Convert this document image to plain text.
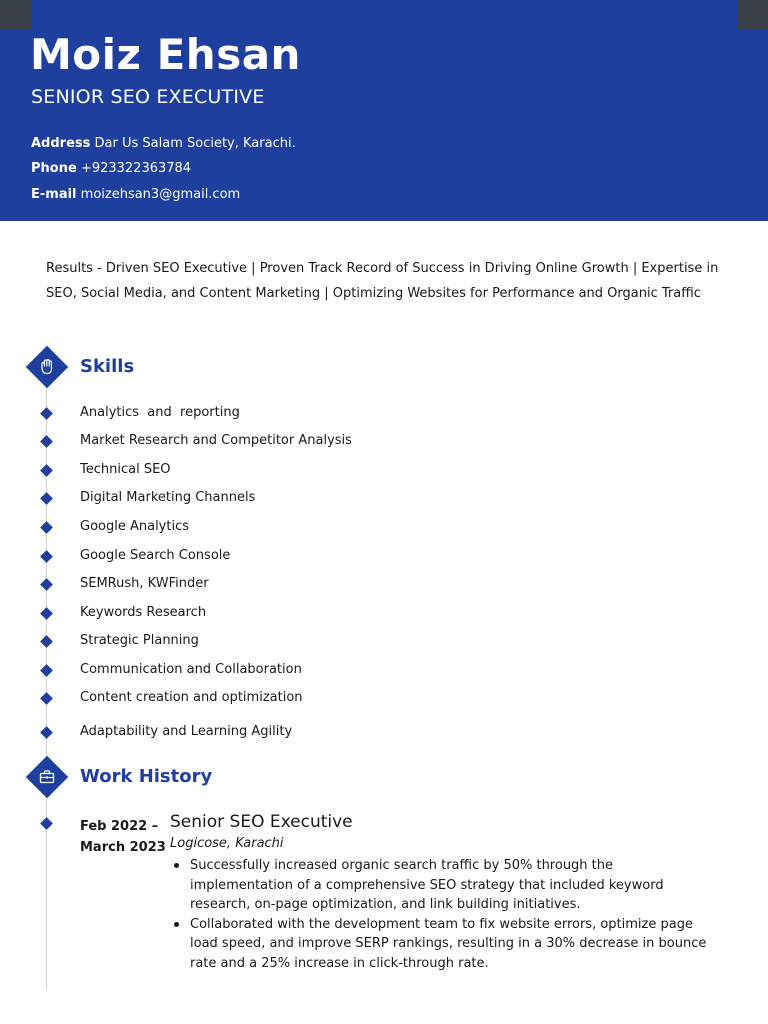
Moiz Ehsan
SENIOR SEO EXECUTIVE
Address Dar Us Salam Society, Karachi.
Phone +923322363784
E-mail moizehsan3@gmail.com
Results - Driven SEO Executive | Proven Track Record of Success in Driving Online Growth | Expertise in SEO, Social Media, and Content Marketing | Optimizing Websites for Performance and Organic Traffic
Skills
Analytics  and  reporting
Market Research and Competitor Analysis
Technical SEO
Digital Marketing Channels
Google Analytics
Google Search Console
SEMRush, KWFinder
Keywords Research
Strategic Planning
Communication and Collaboration
Content creation and optimization
Adaptability and Learning Agility
Work History
Feb 2022 –
March 2023
Senior SEO Executive
Logicose, Karachi
Successfully increased organic search traffic by 50% through the implementation of a comprehensive SEO strategy that included keyword research, on-page optimization, and link building initiatives.
Collaborated with the development team to fix website errors, optimize page load speed, and improve SERP rankings, resulting in a 30% decrease in bounce rate and a 25% increase in click-through rate.
